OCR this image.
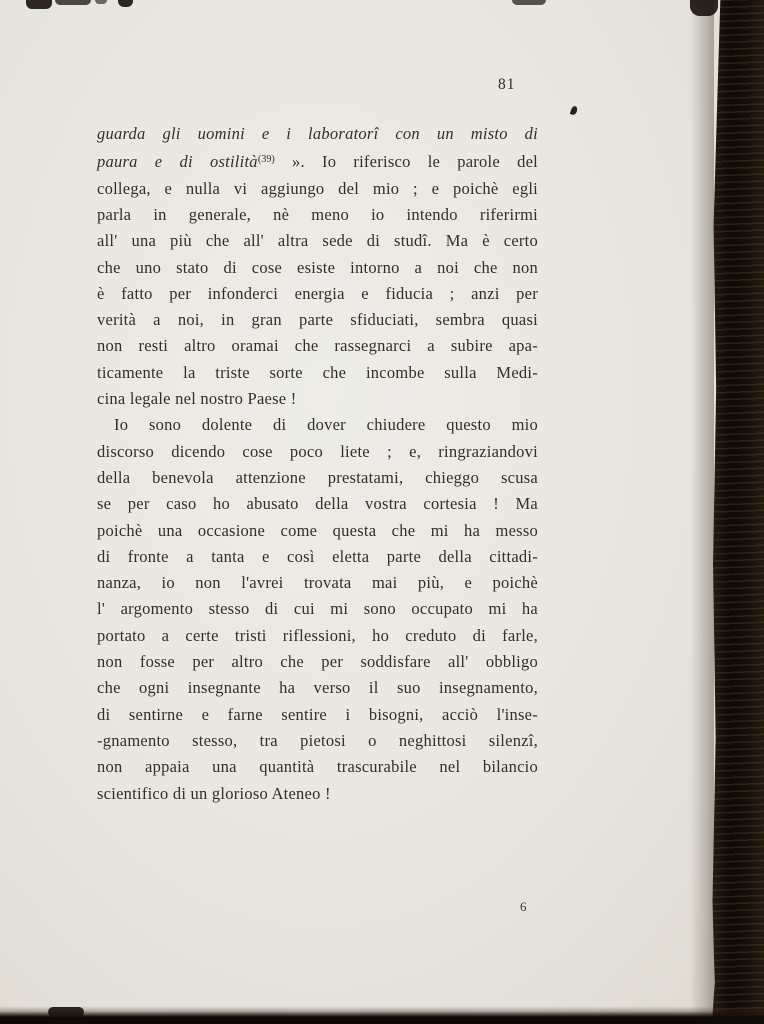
81
guarda gli uomini e i laboratorî con un misto di
paura e di ostilità$^{(39)}$ ». Io riferisco le parole del
collega, e nulla vi aggiungo del mio ; e poichè egli
parla in generale, nè meno io intendo riferirmi
all' una più che all' altra sede di studî. Ma è certo
che uno stato di cose esiste intorno a noi che non
è fatto per infonderci energia e fiducia ; anzi per
verità a noi, in gran parte sfiduciati, sembra quasi
non resti altro oramai che rassegnarci a subire apa-
ticamente la triste sorte che incombe sulla Medi-
cina legale nel nostro Paese !
Io sono dolente di dover chiudere questo mio
discorso dicendo cose poco liete ; e, ringraziandovi
della benevola attenzione prestatami, chieggo scusa
se per caso ho abusato della vostra cortesia ! Ma
poichè una occasione come questa che mi ha messo
di fronte a tanta e così eletta parte della cittadi-
nanza, io non l'avrei trovata mai più, e poichè
l' argomento stesso di cui mi sono occupato mi ha
portato a certe tristi riflessioni, ho creduto di farle,
non fosse per altro che per soddisfare all' obbligo
che ogni insegnante ha verso il suo insegnamento,
di sentirne e farne sentire i bisogni, acciò l'inse-
-gnamento stesso, tra pietosi o neghittosi silenzî,
non appaia una quantità trascurabile nel bilancio
scientifico di un glorioso Ateneo !
6
